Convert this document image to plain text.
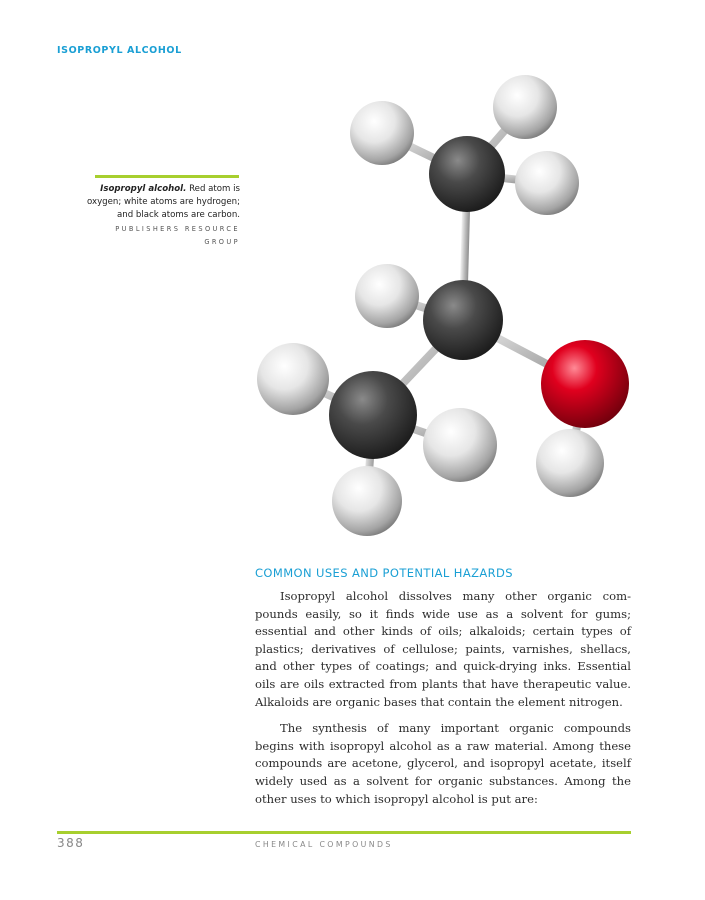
ISOPROPYL ALCOHOL
Isopropyl alcohol. Red atom is oxygen; white atoms are hydrogen; and black atoms are carbon. PUBLISHERS RESOURCE GROUP
COMMON USES AND POTENTIAL HAZARDS

Isopropyl alcohol dissolves many other organic com-pounds easily, so it finds wide use as a solvent for gums; essential and other kinds of oils; alkaloids; certain types of plastics; derivatives of cellulose; paints, varnishes, shellacs, and other types of coatings; and quick-drying inks. Essential oils are oils extracted from plants that have therapeutic value. Alkaloids are organic bases that contain the element nitrogen.

The synthesis of many important organic compounds begins with isopropyl alcohol as a raw material. Among these compounds are acetone, glycerol, and isopropyl acetate, itself widely used as a solvent for organic substances. Among the other uses to which isopropyl alcohol is put are:

388	CHEMICAL COMPOUNDS
